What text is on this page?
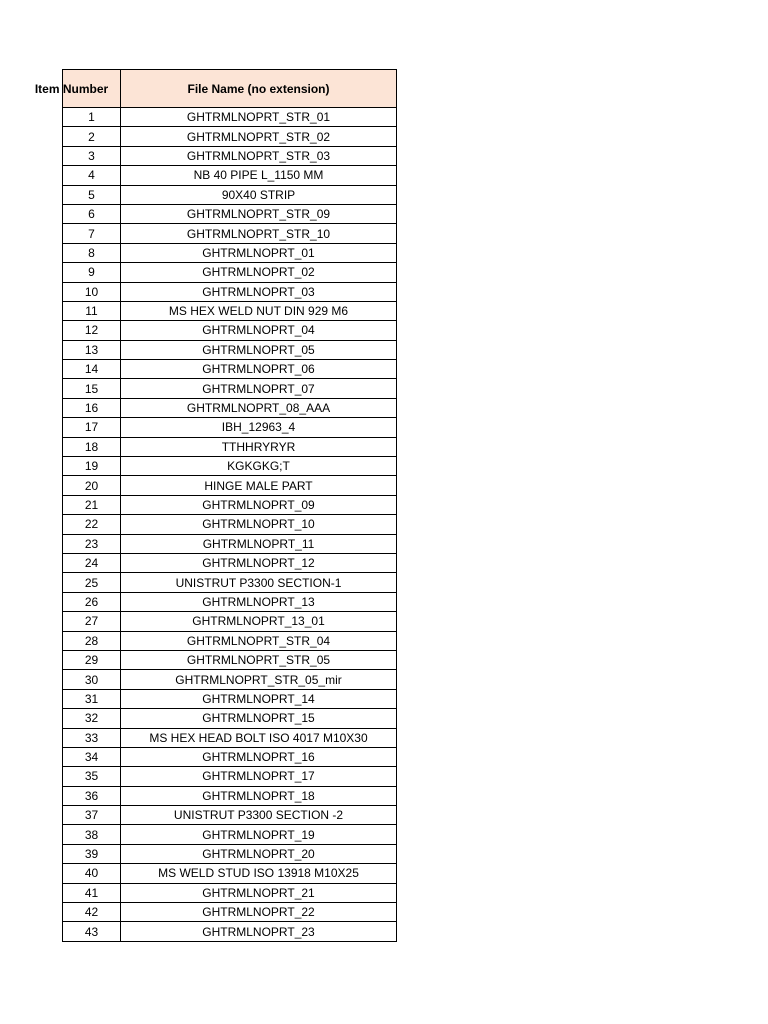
Item Number	File Name (no extension)
1	GHTRMLNOPRT_STR_01
2	GHTRMLNOPRT_STR_02
3	GHTRMLNOPRT_STR_03
4	NB 40 PIPE L_1150 MM
5	90X40 STRIP
6	GHTRMLNOPRT_STR_09
7	GHTRMLNOPRT_STR_10
8	GHTRMLNOPRT_01
9	GHTRMLNOPRT_02
10	GHTRMLNOPRT_03
11	MS HEX WELD NUT DIN 929 M6
12	GHTRMLNOPRT_04
13	GHTRMLNOPRT_05
14	GHTRMLNOPRT_06
15	GHTRMLNOPRT_07
16	GHTRMLNOPRT_08_AAA
17	IBH_12963_4
18	TTHHRYRYR
19	KGKGKG;T
20	HINGE MALE PART
21	GHTRMLNOPRT_09
22	GHTRMLNOPRT_10
23	GHTRMLNOPRT_11
24	GHTRMLNOPRT_12
25	UNISTRUT P3300 SECTION-1
26	GHTRMLNOPRT_13
27	GHTRMLNOPRT_13_01
28	GHTRMLNOPRT_STR_04
29	GHTRMLNOPRT_STR_05
30	GHTRMLNOPRT_STR_05_mir
31	GHTRMLNOPRT_14
32	GHTRMLNOPRT_15
33	MS HEX HEAD BOLT ISO 4017 M10X30
34	GHTRMLNOPRT_16
35	GHTRMLNOPRT_17
36	GHTRMLNOPRT_18
37	UNISTRUT P3300 SECTION -2
38	GHTRMLNOPRT_19
39	GHTRMLNOPRT_20
40	MS WELD STUD ISO 13918 M10X25
41	GHTRMLNOPRT_21
42	GHTRMLNOPRT_22
43	GHTRMLNOPRT_23
